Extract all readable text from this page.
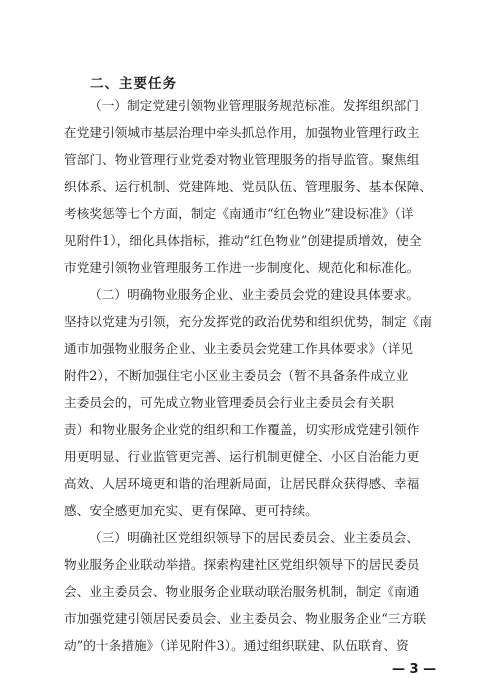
二、主要任务
（一）制定党建引领物业管理服务规范标准。发挥组织部门
在党建引领城市基层治理中牵头抓总作用，加强物业管理行政主
管部门、物业管理行业党委对物业管理服务的指导监管。聚焦组
织体系、运行机制、党建阵地、党员队伍、管理服务、基本保障、
考核奖惩等七个方面，制定《南通市“红色物业”建设标准》（详
见附件1），细化具体指标，推动“红色物业”创建提质增效，使全
市党建引领物业管理服务工作进一步制度化、规范化和标准化。
（二）明确物业服务企业、业主委员会党的建设具体要求。
坚持以党建为引领，充分发挥党的政治优势和组织优势，制定《南
通市加强物业服务企业、业主委员会党建工作具体要求》（详见
附件2），不断加强住宅小区业主委员会（暂不具备条件成立业
主委员会的，可先成立物业管理委员会行业主委员会有关职
责）和物业服务企业党的组织和工作覆盖，切实形成党建引领作
用更明显、行业监管更完善、运行机制更健全、小区自治能力更
高效、人居环境更和谐的治理新局面，让居民群众获得感、幸福
感、安全感更加充实、更有保障、更可持续。
（三）明确社区党组织领导下的居民委员会、业主委员会、
物业服务企业联动举措。探索构建社区党组织领导下的居民委员
会、业主委员会、物业服务企业联动联治服务机制，制定《南通
市加强党建引领居民委员会、业主委员会、物业服务企业“三方联
动”的十条措施》（详见附件3）。通过组织联建、队伍联育、资
— 3 —
